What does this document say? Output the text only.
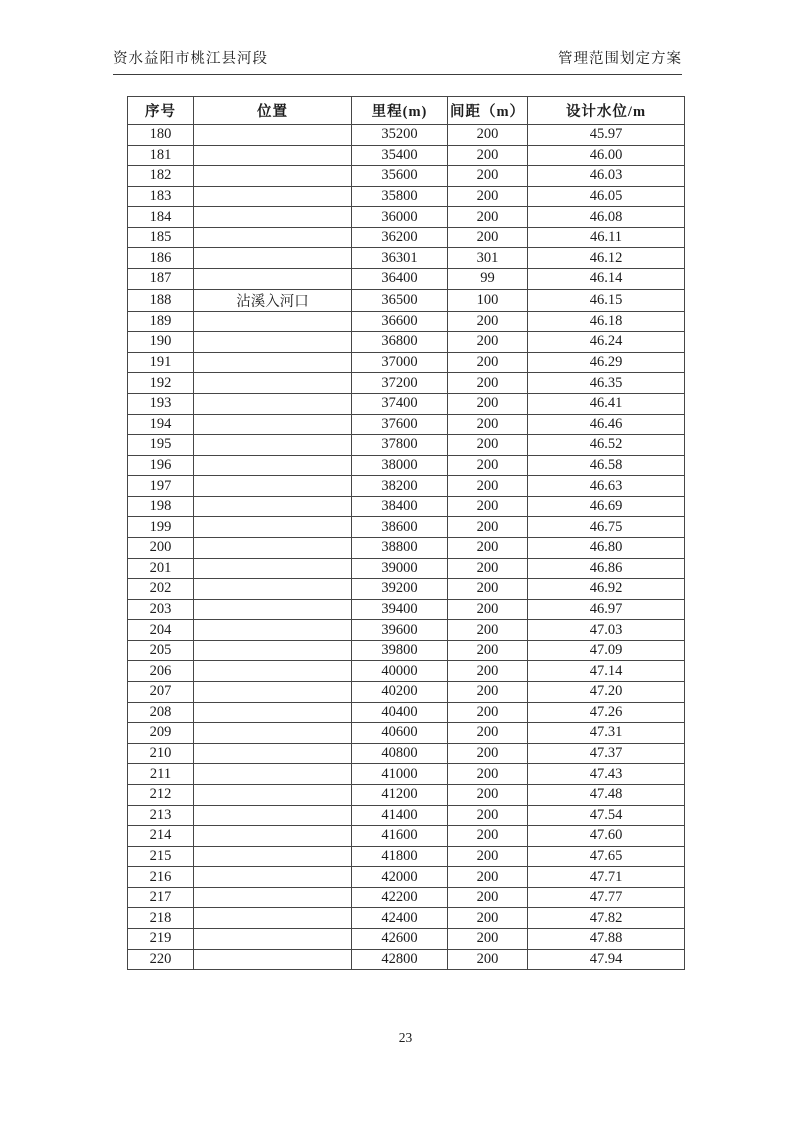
资水益阳市桃江县河段	管理范围划定方案
序号	位置	里程(m)	间距（m）	设计水位/m
180		35200	200	45.97
181		35400	200	46.00
182		35600	200	46.03
183		35800	200	46.05
184		36000	200	46.08
185		36200	200	46.11
186		36301	301	46.12
187		36400	99	46.14
188	沾溪入河口	36500	100	46.15
189		36600	200	46.18
190		36800	200	46.24
191		37000	200	46.29
192		37200	200	46.35
193		37400	200	46.41
194		37600	200	46.46
195		37800	200	46.52
196		38000	200	46.58
197		38200	200	46.63
198		38400	200	46.69
199		38600	200	46.75
200		38800	200	46.80
201		39000	200	46.86
202		39200	200	46.92
203		39400	200	46.97
204		39600	200	47.03
205		39800	200	47.09
206		40000	200	47.14
207		40200	200	47.20
208		40400	200	47.26
209		40600	200	47.31
210		40800	200	47.37
211		41000	200	47.43
212		41200	200	47.48
213		41400	200	47.54
214		41600	200	47.60
215		41800	200	47.65
216		42000	200	47.71
217		42200	200	47.77
218		42400	200	47.82
219		42600	200	47.88
220		42800	200	47.94
23
